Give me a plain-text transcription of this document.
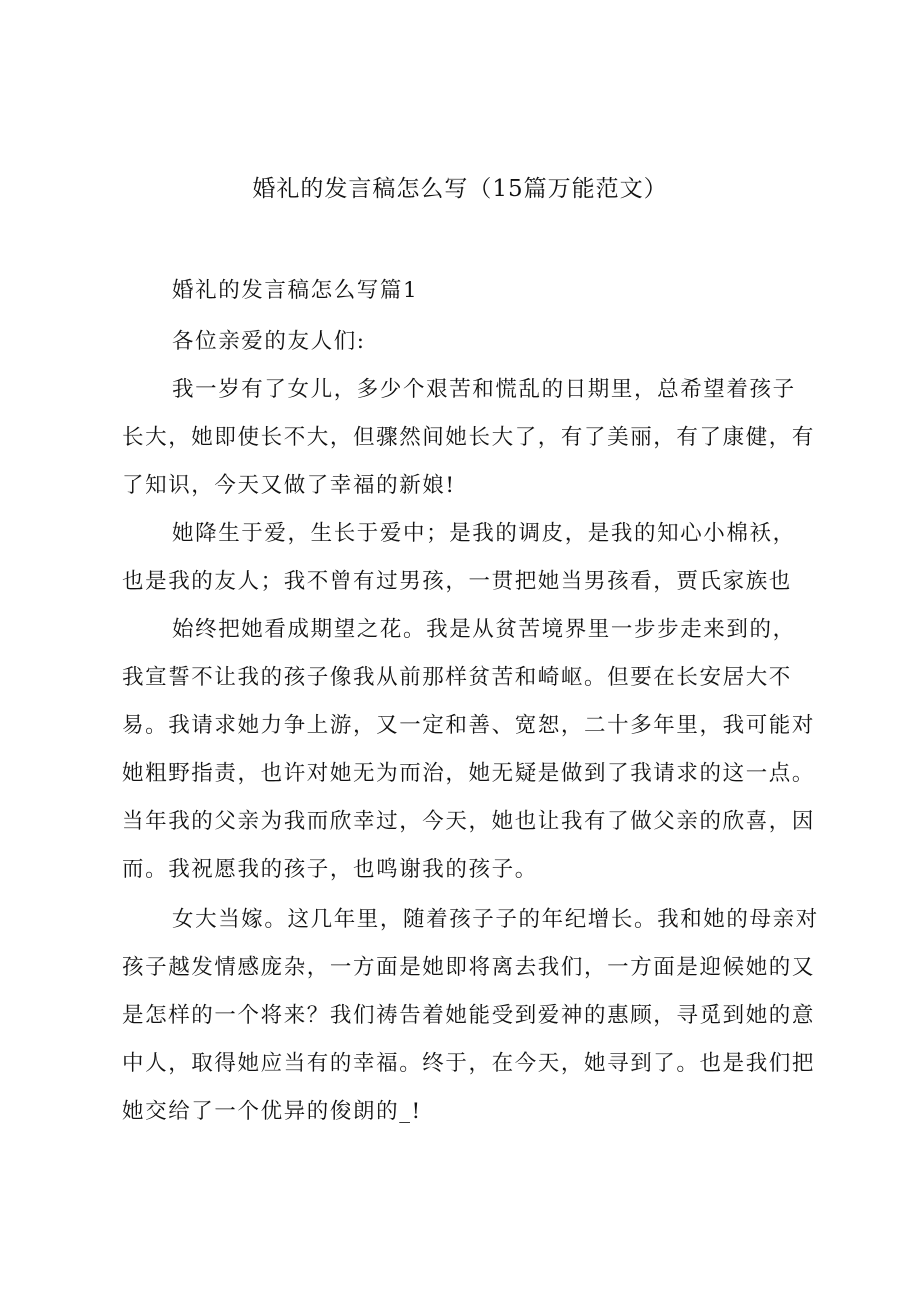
婚礼的发言稿怎么写（15篇万能范文）
婚礼的发言稿怎么写篇1
各位亲爱的友人们:
我一岁有了女儿，多少个艰苦和慌乱的日期里，总希望着孩子
长大，她即使长不大，但骤然间她长大了，有了美丽，有了康健，有
了知识，今天又做了幸福的新娘!
她降生于爱，生长于爱中；是我的调皮，是我的知心小棉袄，
也是我的友人；我不曾有过男孩，一贯把她当男孩看，贾氏家族也
始终把她看成期望之花。我是从贫苦境界里一步步走来到的，
我宣誓不让我的孩子像我从前那样贫苦和崎岖。但要在长安居大不
易。我请求她力争上游，又一定和善、宽恕，二十多年里，我可能对
她粗野指责，也许对她无为而治，她无疑是做到了我请求的这一点。
当年我的父亲为我而欣幸过，今天，她也让我有了做父亲的欣喜，因
而。我祝愿我的孩子，也鸣谢我的孩子。
女大当嫁。这几年里，随着孩子子的年纪增长。我和她的母亲对
孩子越发情感庞杂，一方面是她即将离去我们，一方面是迎候她的又
是怎样的一个将来？我们祷告着她能受到爱神的惠顾，寻觅到她的意
中人，取得她应当有的幸福。终于，在今天，她寻到了。也是我们把
她交给了一个优异的俊朗的_!
